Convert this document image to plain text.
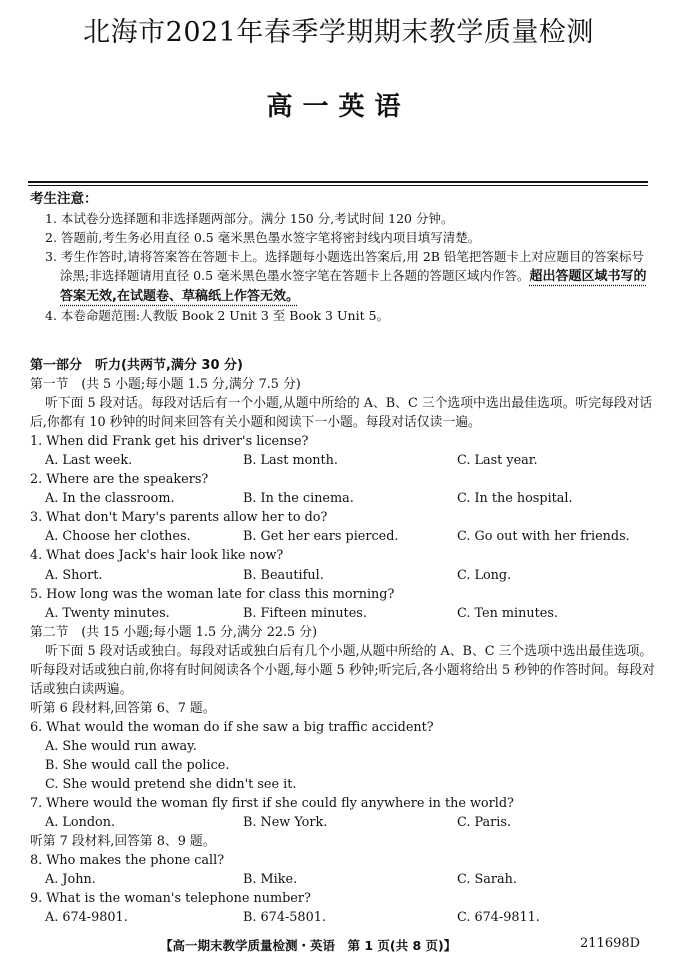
北海市2021年春季学期期末教学质量检测
高一英语
考生注意：
1. 本试卷分选择题和非选择题两部分。满分 150 分,考试时间 120 分钟。
2. 答题前,考生务必用直径 0.5 毫米黑色墨水签字笔将密封线内项目填写清楚。
3. 考生作答时,请将答案答在答题卡上。选择题每小题选出答案后,用 2B 铅笔把答题卡上对应题目的答案标号涂黑;非选择题请用直径 0.5 毫米黑色墨水签字笔在答题卡上各题的答题区域内作答。超出答题区域书写的答案无效,在试题卷、草稿纸上作答无效。
4. 本卷命题范围:人教版 Book 2 Unit 3 至 Book 3 Unit 5。

第一部分　听力(共两节,满分 30 分)

第一节　(共 5 小题;每小题 1.5 分,满分 7.5 分)

听下面 5 段对话。每段对话后有一个小题,从题中所给的 A、B、C 三个选项中选出最佳选项。听完每段对话后,你都有 10 秒钟的时间来回答有关小题和阅读下一小题。每段对话仅读一遍。

1. When did Frank get his driver's license?

A. Last week.	B. Last month.	C. Last year.

2. Where are the speakers?

A. In the classroom.	B. In the cinema.	C. In the hospital.

3. What don't Mary's parents allow her to do?

A. Choose her clothes.	B. Get her ears pierced.	C. Go out with her friends.

4. What does Jack's hair look like now?

A. Short.	B. Beautiful.	C. Long.

5. How long was the woman late for class this morning?

A. Twenty minutes.	B. Fifteen minutes.	C. Ten minutes.

第二节　(共 15 小题;每小题 1.5 分,满分 22.5 分)

听下面 5 段对话或独白。每段对话或独白后有几个小题,从题中所给的 A、B、C 三个选项中选出最佳选项。听每段对话或独白前,你将有时间阅读各个小题,每小题 5 秒钟;听完后,各小题将给出 5 秒钟的作答时间。每段对话或独白读两遍。

听第 6 段材料,回答第 6、7 题。

6. What would the woman do if she saw a big traffic accident?

A. She would run away.

B. She would call the police.

C. She would pretend she didn't see it.

7. Where would the woman fly first if she could fly anywhere in the world?

A. London.	B. New York.	C. Paris.

听第 7 段材料,回答第 8、9 题。

8. Who makes the phone call?

A. John.	B. Mike.	C. Sarah.

9. What is the woman's telephone number?

A. 674-9801.	B. 674-5801.	C. 674-9811.
【高一期末教学质量检测・英语　第 1 页(共 8 页)】	211698D
